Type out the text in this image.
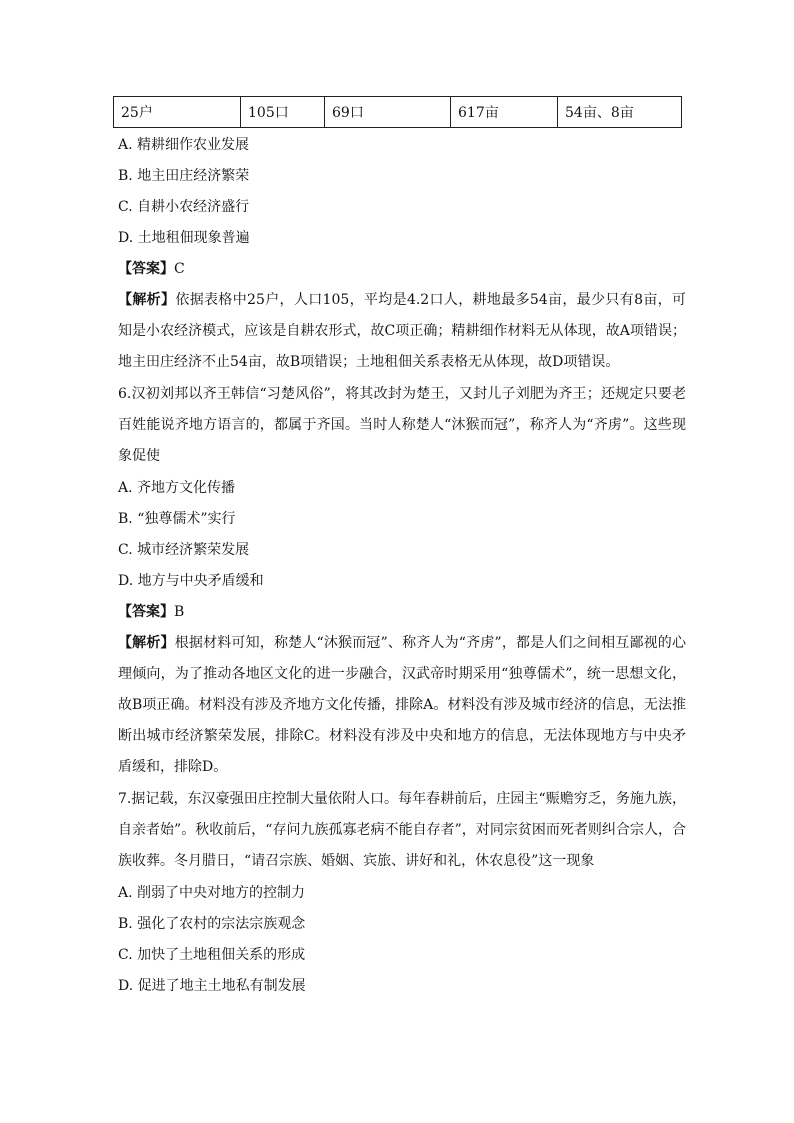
25户	105口	69口	617亩	54亩、8亩
A. 精耕细作农业发展
B. 地主田庄经济繁荣
C. 自耕小农经济盛行
D. 土地租佃现象普遍
【答案】C

【解析】依据表格中25户，人口105，平均是4.2口人，耕地最多54亩，最少只有8亩，可知是小农经济模式，应该是自耕农形式，故C项正确；精耕细作材料无从体现，故A项错误；地主田庄经济不止54亩，故B项错误；土地租佃关系表格无从体现，故D项错误。

6.汉初刘邦以齐王韩信“习楚风俗”，将其改封为楚王，又封儿子刘肥为齐王；还规定只要老百姓能说齐地方语言的，都属于齐国。当时人称楚人“沐猴而冠”，称齐人为“齐虏”。这些现象促使

A. 齐地方文化传播
B. “独尊儒术”实行
C. 城市经济繁荣发展
D. 地方与中央矛盾缓和
【答案】B

【解析】根据材料可知，称楚人“沐猴而冠”、称齐人为“齐虏”，都是人们之间相互鄙视的心理倾向，为了推动各地区文化的进一步融合，汉武帝时期采用“独尊儒术”，统一思想文化，故B项正确。材料没有涉及齐地方文化传播，排除A。材料没有涉及城市经济的信息，无法推断出城市经济繁荣发展，排除C。材料没有涉及中央和地方的信息，无法体现地方与中央矛盾缓和，排除D。

7.据记载，东汉豪强田庄控制大量依附人口。每年春耕前后，庄园主“赈赡穷乏，务施九族，自亲者始”。秋收前后，“存问九族孤寡老病不能自存者”，对同宗贫困而死者则纠合宗人，合族收葬。冬月腊日，“请召宗族、婚姻、宾旅、讲好和礼，休农息役”这一现象

A. 削弱了中央对地方的控制力
B. 强化了农村的宗法宗族观念
C. 加快了土地租佃关系的形成
D. 促进了地主土地私有制发展
